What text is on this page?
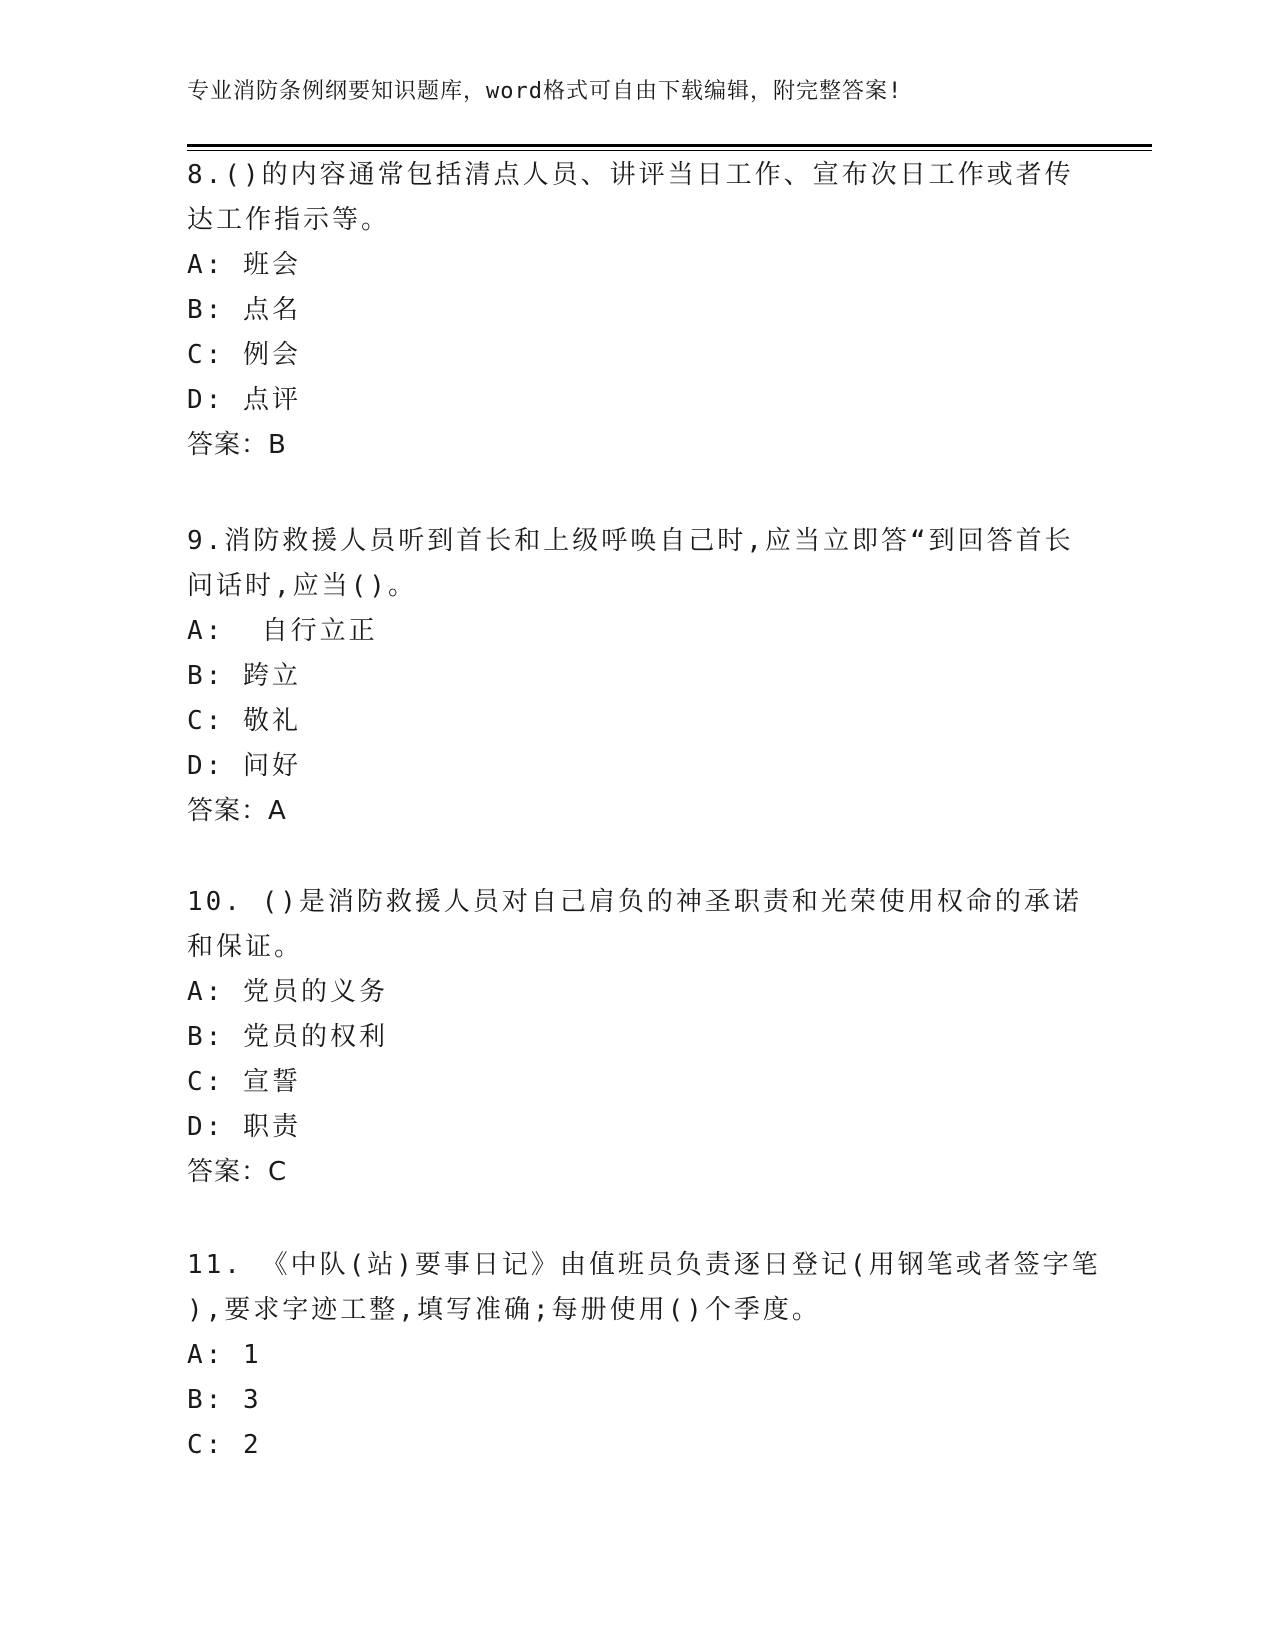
专业消防条例纲要知识题库，word格式可自由下载编辑，附完整答案!

8.()的内容通常包括清点人员、讲评当日工作、宣布次日工作或者传

达工作指示等。

A: 班会

B: 点名

C: 例会

D: 点评

答案：B

9.消防救援人员听到首长和上级呼唤自己时,应当立即答“到回答首长

问话时,应当()。

A:  自行立正

B: 跨立

C: 敬礼

D: 问好

答案：A

10. ()是消防救援人员对自己肩负的神圣职责和光荣使用权命的承诺

和保证。

A: 党员的义务

B: 党员的权利

C: 宣誓

D: 职责

答案：C

11. 《中队(站)要事日记》由值班员负责逐日登记(用钢笔或者签字笔

),要求字迹工整,填写准确;每册使用()个季度。

A: 1

B: 3

C: 2
